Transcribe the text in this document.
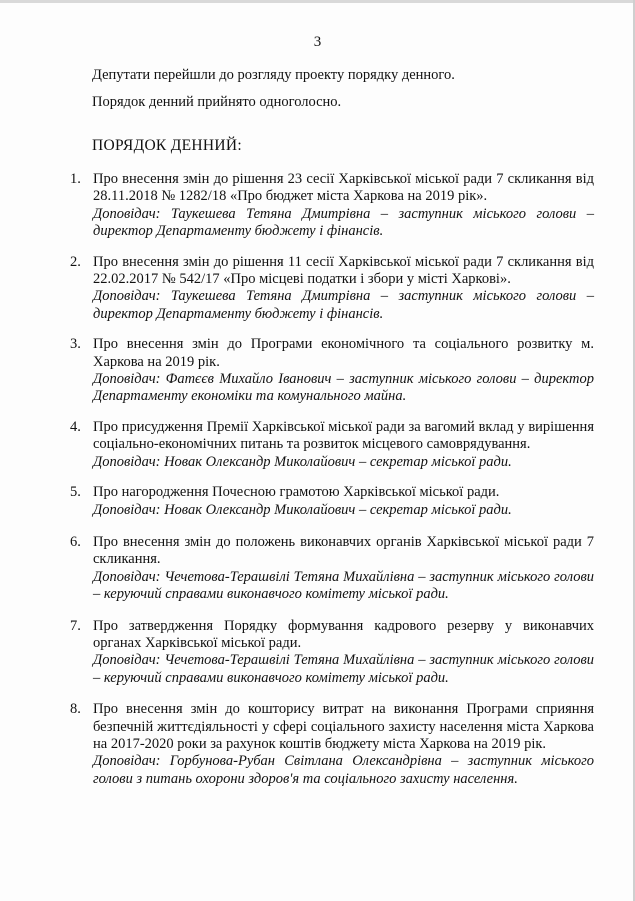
3
Депутати перейшли до розгляду проекту порядку денного.
Порядок денний прийнято одноголосно.
ПОРЯДОК ДЕННИЙ:
1. Про внесення змін до рішення 23 сесії Харківської міської ради 7 скликання від 28.11.2018 № 1282/18 «Про бюджет міста Харкова на 2019 рік».
Доповідач: Таукешева Тетяна Дмитрівна – заступник міського голови – директор Департаменту бюджету і фінансів.
2. Про внесення змін до рішення 11 сесії Харківської міської ради 7 скликання від 22.02.2017 № 542/17 «Про місцеві податки і збори у місті Харкові».
Доповідач: Таукешева Тетяна Дмитрівна – заступник міського голови – директор Департаменту бюджету і фінансів.
3. Про внесення змін до Програми економічного та соціального розвитку м. Харкова на 2019 рік.
Доповідач: Фатєєв Михайло Іванович – заступник міського голови – директор Департаменту економіки та комунального майна.
4. Про присудження Премії Харківської міської ради за вагомий вклад у вирішення соціально-економічних питань та розвиток місцевого самоврядування.
Доповідач: Новак Олександр Миколайович – секретар міської ради.
5. Про нагородження Почесною грамотою Харківської міської ради.
Доповідач: Новак Олександр Миколайович – секретар міської ради.
6. Про внесення змін до положень виконавчих органів Харківської міської ради 7 скликання.
Доповідач: Чечетова-Терашвілі Тетяна Михайлівна – заступник міського голови – керуючий справами виконавчого комітету міської ради.
7. Про затвердження Порядку формування кадрового резерву у виконавчих органах Харківської міської ради.
Доповідач: Чечетова-Терашвілі Тетяна Михайлівна – заступник міського голови – керуючий справами виконавчого комітету міської ради.
8. Про внесення змін до кошторису витрат на виконання Програми сприяння безпечній життєдіяльності у сфері соціального захисту населення міста Харкова на 2017-2020 роки за рахунок коштів бюджету міста Харкова на 2019 рік.
Доповідач: Горбунова-Рубан Світлана Олександрівна – заступник міського голови з питань охорони здоров'я та соціального захисту населення.
